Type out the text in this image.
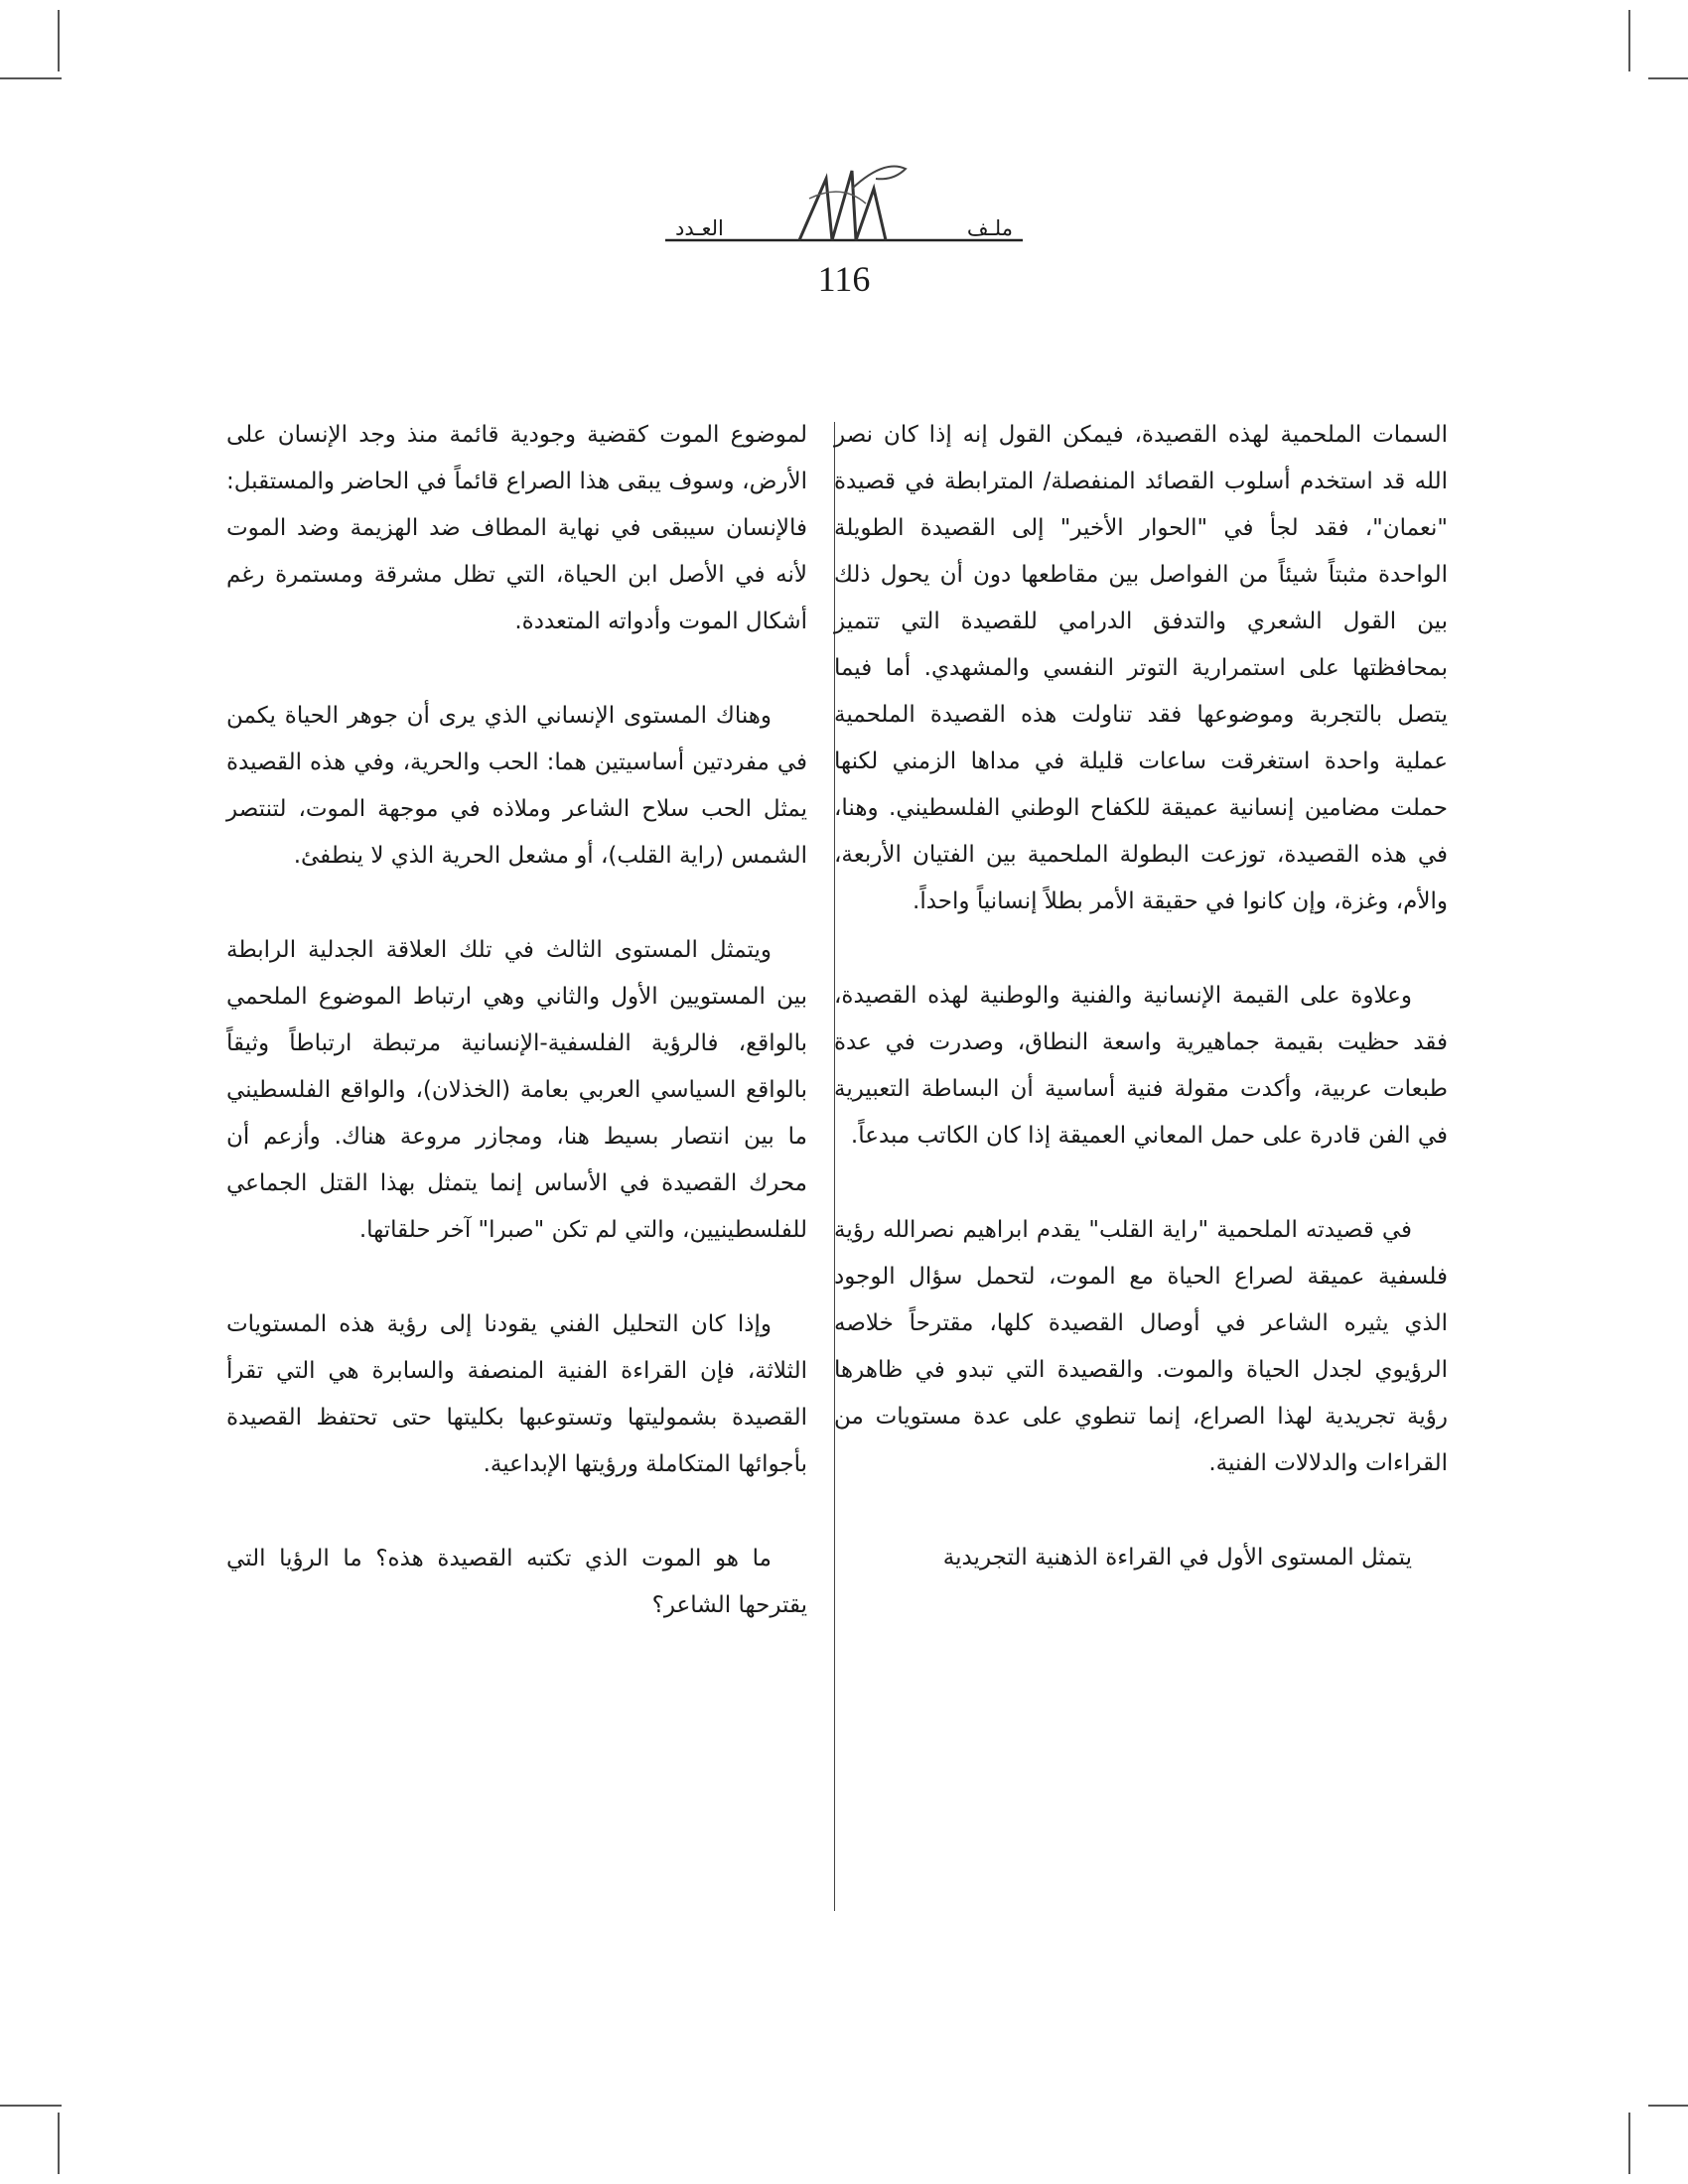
العـدد	ملـف
116

السمات الملحمية لهذه القصيدة، فيمكن القول إنه إذا كان نصر الله قد استخدم أسلوب القصائد المنفصلة/ المترابطة في قصيدة "نعمان"، فقد لجأ في "الحوار الأخير" إلى القصيدة الطويلة الواحدة مثبتاً شيئاً من الفواصل بين مقاطعها دون أن يحول ذلك بين القول الشعري والتدفق الدرامي للقصيدة التي تتميز بمحافظتها على استمرارية التوتر النفسي والمشهدي. أما فيما يتصل بالتجربة وموضوعها فقد تناولت هذه القصيدة الملحمية عملية واحدة استغرقت ساعات قليلة في مداها الزمني لكنها حملت مضامين إنسانية عميقة للكفاح الوطني الفلسطيني. وهنا، في هذه القصيدة، توزعت البطولة الملحمية بين الفتيان الأربعة، والأم، وغزة، وإن كانوا في حقيقة الأمر بطلاً إنسانياً واحداً.

وعلاوة على القيمة الإنسانية والفنية والوطنية لهذه القصيدة، فقد حظيت بقيمة جماهيرية واسعة النطاق، وصدرت في عدة طبعات عربية، وأكدت مقولة فنية أساسية أن البساطة التعبيرية في الفن قادرة على حمل المعاني العميقة إذا كان الكاتب مبدعاً.

في قصيدته الملحمية "راية القلب" يقدم ابراهيم نصرالله رؤية فلسفية عميقة لصراع الحياة مع الموت، لتحمل سؤال الوجود الذي يثيره الشاعر في أوصال القصيدة كلها، مقترحاً خلاصه الرؤيوي لجدل الحياة والموت. والقصيدة التي تبدو في ظاهرها رؤية تجريدية لهذا الصراع، إنما تنطوي على عدة مستويات من القراءات والدلالات الفنية.

يتمثل المستوى الأول في القراءة الذهنية التجريدية

لموضوع الموت كقضية وجودية قائمة منذ وجد الإنسان على الأرض، وسوف يبقى هذا الصراع قائماً في الحاضر والمستقبل: فالإنسان سيبقى في نهاية المطاف ضد الهزيمة وضد الموت لأنه في الأصل ابن الحياة، التي تظل مشرقة ومستمرة رغم أشكال الموت وأدواته المتعددة.

وهناك المستوى الإنساني الذي يرى أن جوهر الحياة يكمن في مفردتين أساسيتين هما: الحب والحرية، وفي هذه القصيدة يمثل الحب سلاح الشاعر وملاذه في موجهة الموت، لتنتصر الشمس (راية القلب)، أو مشعل الحرية الذي لا ينطفئ.

ويتمثل المستوى الثالث في تلك العلاقة الجدلية الرابطة بين المستويين الأول والثاني وهي ارتباط الموضوع الملحمي بالواقع، فالرؤية الفلسفية-الإنسانية مرتبطة ارتباطاً وثيقاً بالواقع السياسي العربي بعامة (الخذلان)، والواقع الفلسطيني ما بين انتصار بسيط هنا، ومجازر مروعة هناك. وأزعم أن محرك القصيدة في الأساس إنما يتمثل بهذا القتل الجماعي للفلسطينيين، والتي لم تكن "صبرا" آخر حلقاتها.

وإذا كان التحليل الفني يقودنا إلى رؤية هذه المستويات الثلاثة، فإن القراءة الفنية المنصفة والسابرة هي التي تقرأ القصيدة بشموليتها وتستوعبها بكليتها حتى تحتفظ القصيدة بأجوائها المتكاملة ورؤيتها الإبداعية.

ما هو الموت الذي تكتبه القصيدة هذه؟ ما الرؤيا التي يقترحها الشاعر؟
